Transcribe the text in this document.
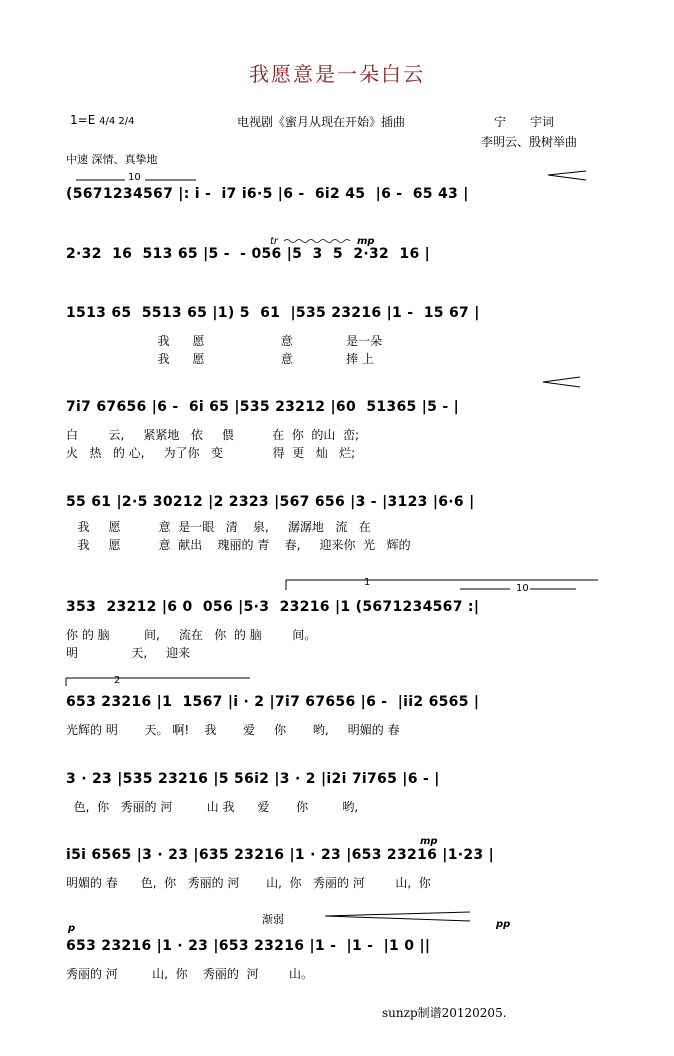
我愿意是一朵白云
1=E 4/4 2/4	电视剧《蜜月从现在开始》插曲	宁　　宇词
李明云、殷树举曲
中速 深情、真挚地
10
tr	mp
1
10
2
mp
p	pp
渐弱
(5671234567 |: i -  i7 i6·5 |6 -  6i2 45  |6 -  65 43 |
2·32  16  513 65 |5 -  - 056 |5  3  5  2·32  16 |
1513 65  5513 65 |1) 5  61  |535 23216 |1 -  15 67 |
我      愿                    意              是一朵
我      愿                    意              捧 上
7i7 67656 |6 -  6i 65 |535 23212 |60  51365 |5 - |
白        云,     紧紧地   依     偎          在  你  的山  峦;
火   热   的 心,     为了你   变             得  更   灿   烂;
55 61 |2·5 30212 |2 2323 |567 656 |3 - |3123 |6·6 |
我     愿          意  是一眼   清    泉,     潺潺地   流   在
我     愿          意  献出    瑰丽的 青    春,     迎来你  光   辉的
353  23212 |6 0  056 |5·3  23216 |1 (5671234567 :|
你 的 脑         间,     流在   你  的 脑        间。
明              天,     迎来
653 23216 |1  1567 |i · 2 |7i7 67656 |6 -  |ii2 6565 |
光辉的 明       天。 啊!    我       爱     你       哟,     明媚的 春
3 · 23 |535 23216 |5 56i2 |3 · 2 |i2i 7i765 |6 - |
色,  你   秀丽的 河         山 我      爱       你         哟,
i5i 6565 |3 · 23 |635 23216 |1 · 23 |653 23216 |1·23 |
明媚的 春      色,  你   秀丽的 河       山,  你   秀丽的 河        山,  你
653 23216 |1 · 23 |653 23216 |1 -  |1 -  |1 0 ||
秀丽的 河         山,  你    秀丽的  河        山。
sunzp制谱20120205.
